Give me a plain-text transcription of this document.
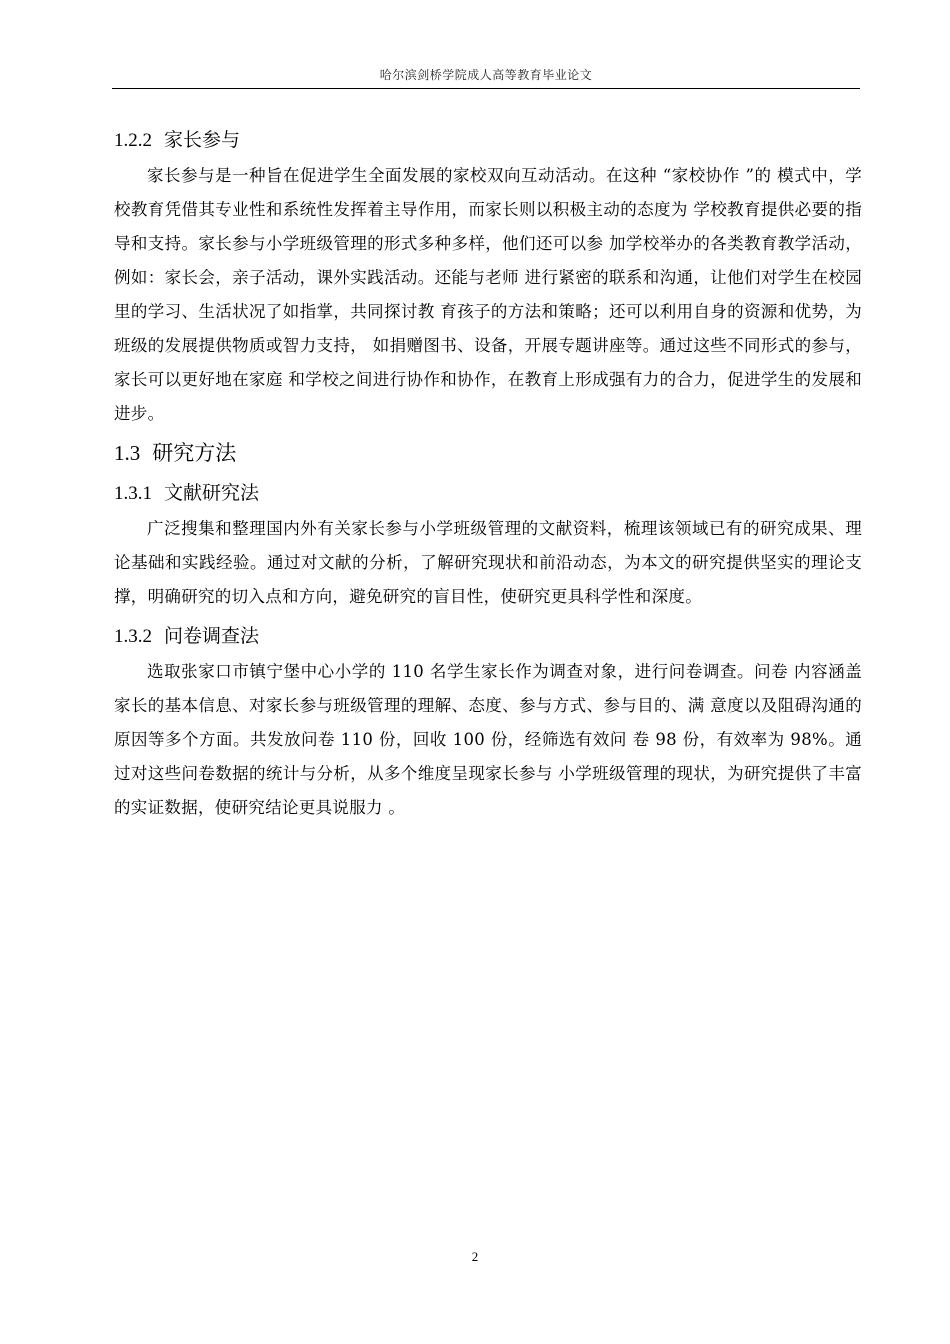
哈尔滨剑桥学院成人高等教育毕业论文
1.2.2 家长参与

家长参与是一种旨在促进学生全面发展的家校双向互动活动。在这种 “家校协作 ”的 模式中，学校教育凭借其专业性和系统性发挥着主导作用，而家长则以积极主动的态度为 学校教育提供必要的指导和支持。家长参与小学班级管理的形式多种多样，他们还可以参 加学校举办的各类教育教学活动，例如：家长会，亲子活动，课外实践活动。还能与老师 进行紧密的联系和沟通，让他们对学生在校园里的学习、生活状况了如指掌，共同探讨教 育孩子的方法和策略；还可以利用自身的资源和优势，为班级的发展提供物质或智力支持， 如捐赠图书、设备，开展专题讲座等。通过这些不同形式的参与，家长可以更好地在家庭 和学校之间进行协作和协作，在教育上形成强有力的合力，促进学生的发展和进步。

1.3 研究方法
1.3.1 文献研究法

广泛搜集和整理国内外有关家长参与小学班级管理的文献资料，梳理该领域已有的研究成果、理论基础和实践经验。通过对文献的分析，了解研究现状和前沿动态，为本文的研究提供坚实的理论支撑，明确研究的切入点和方向，避免研究的盲目性，使研究更具科学性和深度。

1.3.2 问卷调查法

选取张家口市镇宁堡中心小学的 110 名学生家长作为调查对象，进行问卷调查。问卷 内容涵盖家长的基本信息、对家长参与班级管理的理解、态度、参与方式、参与目的、满 意度以及阻碍沟通的原因等多个方面。共发放问卷 110 份，回收 100 份，经筛选有效问 卷 98 份，有效率为 98%。通过对这些问卷数据的统计与分析，从多个维度呈现家长参与 小学班级管理的现状，为研究提供了丰富的实证数据，使研究结论更具说服力 。

2
